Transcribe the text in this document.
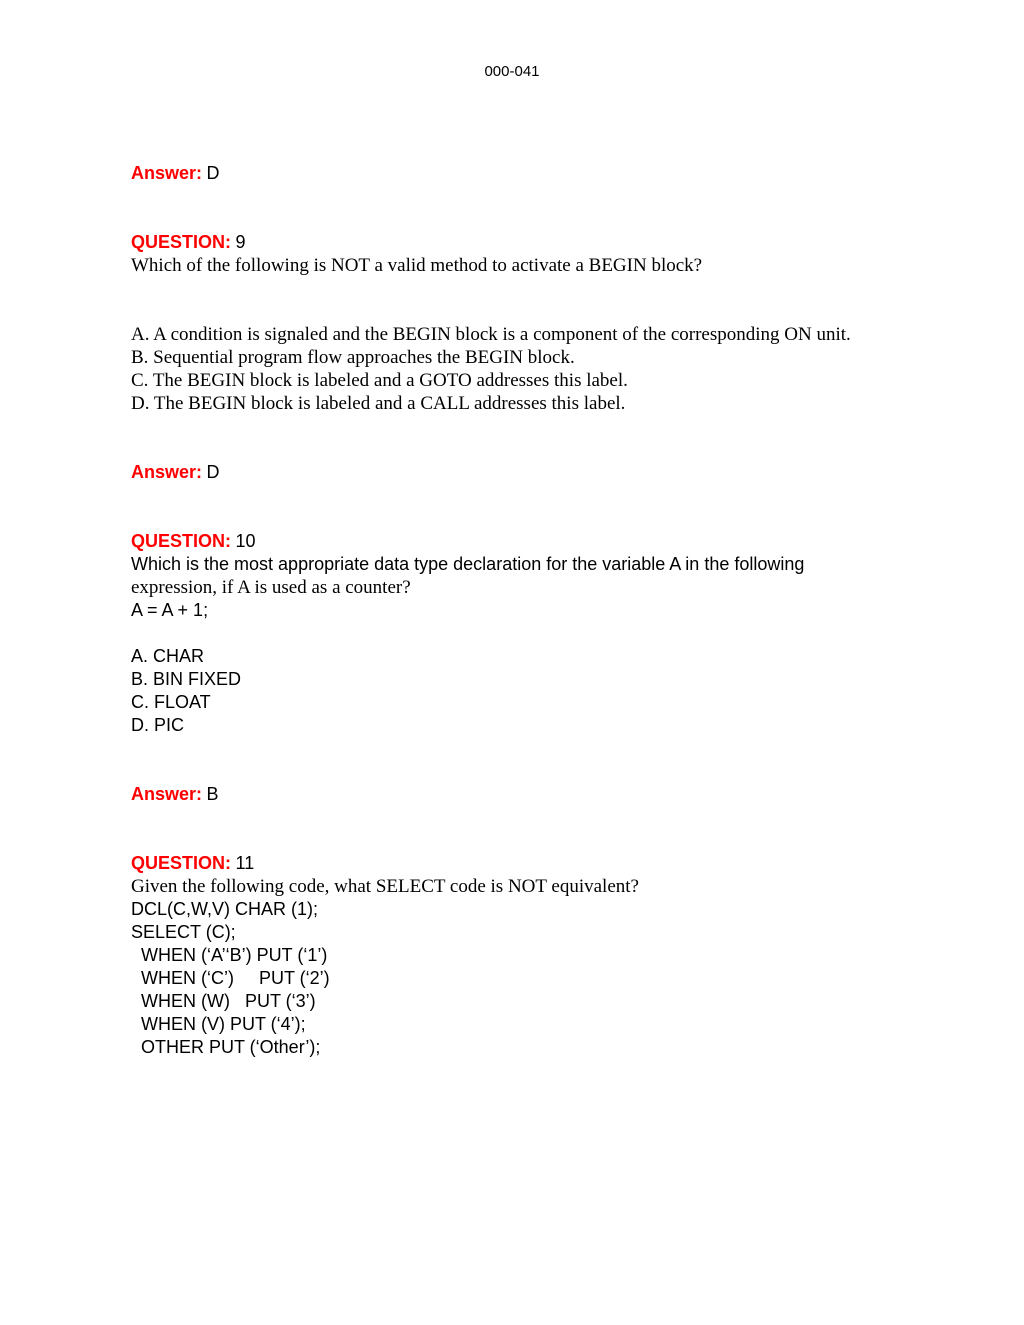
000-041
Answer: D
QUESTION: 9
Which of the following is NOT a valid method to activate a BEGIN block?
A. A condition is signaled and the BEGIN block is a component of the corresponding ON unit.
B. Sequential program flow approaches the BEGIN block.
C. The BEGIN block is labeled and a GOTO addresses this label.
D. The BEGIN block is labeled and a CALL addresses this label.
Answer: D
QUESTION: 10
Which is the most appropriate data type declaration for the variable A in the following
expression, if A is used as a counter?
A = A + 1;
A. CHAR
B. BIN FIXED
C. FLOAT
D. PIC
Answer: B
QUESTION: 11
Given the following code, what SELECT code is NOT equivalent?
DCL(C,W,V) CHAR (1);
SELECT (C);
WHEN (‘A’‘B’) PUT (‘1’)
WHEN (‘C’)     PUT (‘2’)
WHEN (W)   PUT (‘3’)
WHEN (V) PUT (‘4’);
OTHER PUT (‘Other’);
